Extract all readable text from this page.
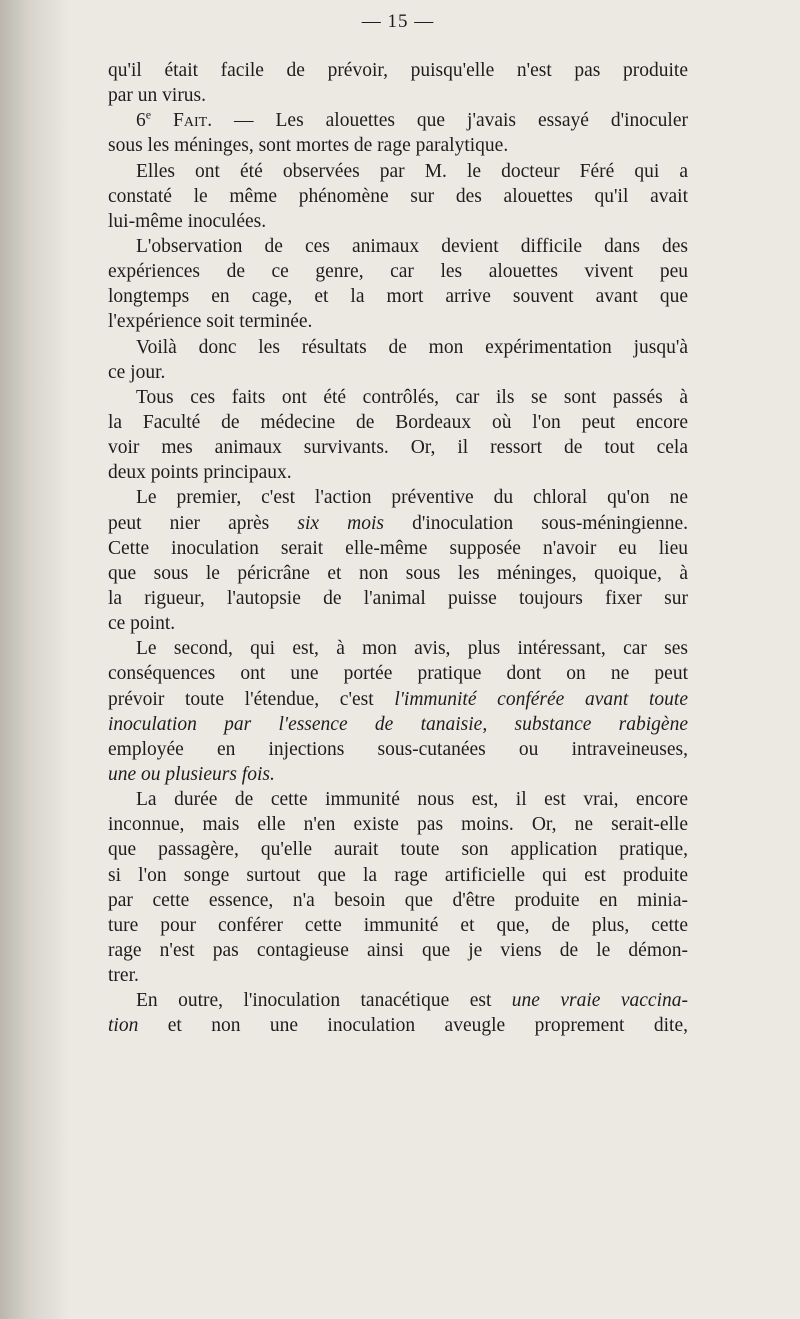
— 15 —
qu'il était facile de prévoir, puisqu'elle n'est pas produite
par un virus.
6e Fait. — Les alouettes que j'avais essayé d'inoculer
sous les méninges, sont mortes de rage paralytique.
Elles ont été observées par M. le docteur Féré qui a
constaté le même phénomène sur des alouettes qu'il avait
lui-même inoculées.
L'observation de ces animaux devient difficile dans des
expériences de ce genre, car les alouettes vivent peu
longtemps en cage, et la mort arrive souvent avant que
l'expérience soit terminée.
Voilà donc les résultats de mon expérimentation jusqu'à
ce jour.
Tous ces faits ont été contrôlés, car ils se sont passés à
la Faculté de médecine de Bordeaux où l'on peut encore
voir mes animaux survivants. Or, il ressort de tout cela
deux points principaux.
Le premier, c'est l'action préventive du chloral qu'on ne
peut nier après six mois d'inoculation sous-méningienne.
Cette inoculation serait elle-même supposée n'avoir eu lieu
que sous le péricrâne et non sous les méninges, quoique, à
la rigueur, l'autopsie de l'animal puisse toujours fixer sur
ce point.
Le second, qui est, à mon avis, plus intéressant, car ses
conséquences ont une portée pratique dont on ne peut
prévoir toute l'étendue, c'est l'immunité conférée avant toute
inoculation par l'essence de tanaisie, substance rabigène
employée en injections sous-cutanées ou intraveineuses,
une ou plusieurs fois.
La durée de cette immunité nous est, il est vrai, encore
inconnue, mais elle n'en existe pas moins. Or, ne serait-elle
que passagère, qu'elle aurait toute son application pratique,
si l'on songe surtout que la rage artificielle qui est produite
par cette essence, n'a besoin que d'être produite en minia-
ture pour conférer cette immunité et que, de plus, cette
rage n'est pas contagieuse ainsi que je viens de le démon-
trer.
En outre, l'inoculation tanacétique est une vraie vaccina-
tion et non une inoculation aveugle proprement dite,
